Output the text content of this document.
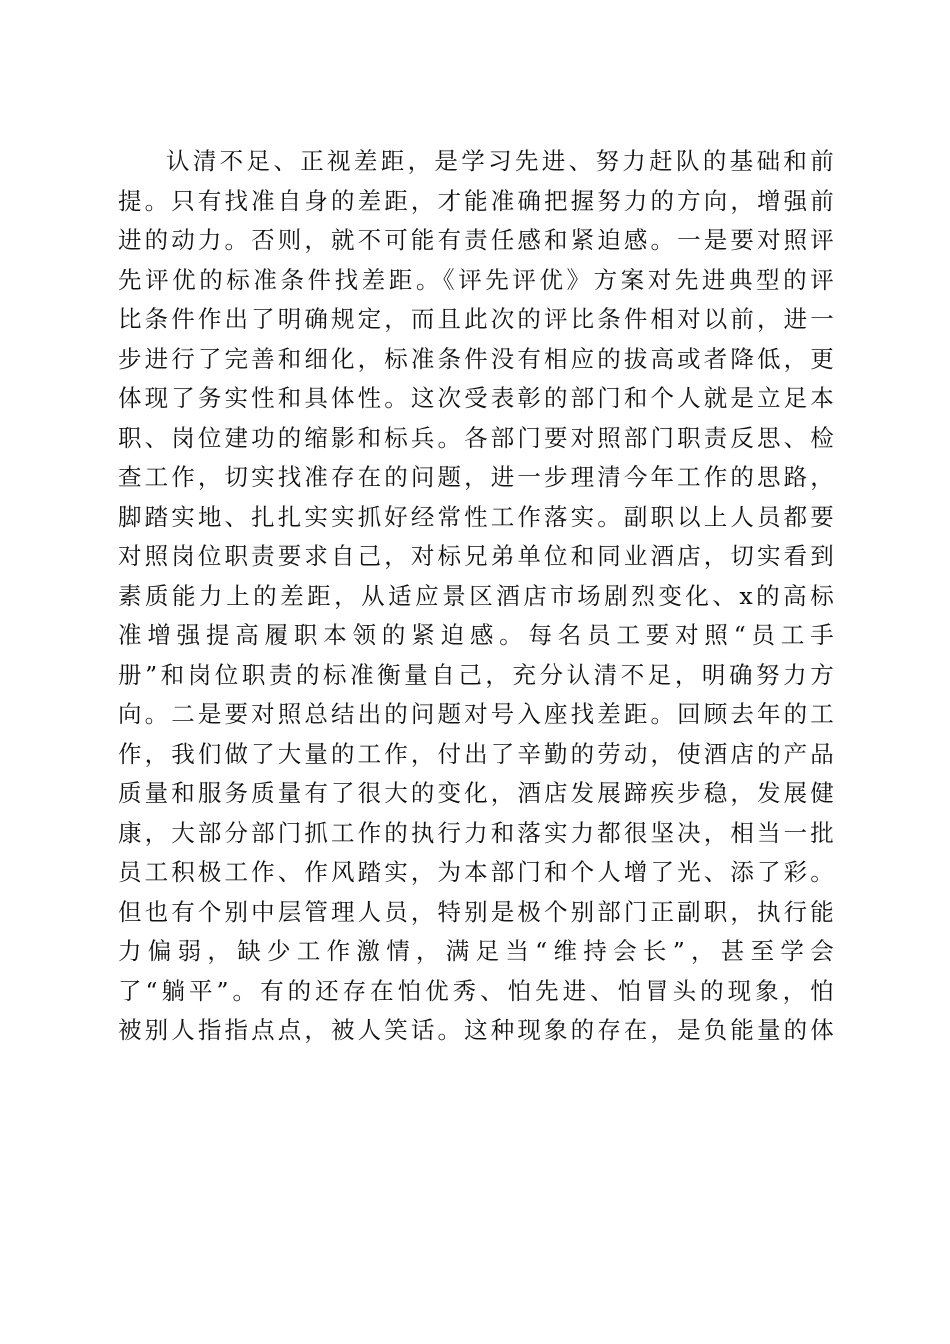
认清不足、正视差距，是学习先进、努力赶队的基础和前
提。只有找准自身的差距，才能准确把握努力的方向，增强前
进的动力。否则，就不可能有责任感和紧迫感。一是要对照评
先评优的标准条件找差距。《评先评优》方案对先进典型的评
比条件作出了明确规定，而且此次的评比条件相对以前，进一
步进行了完善和细化，标准条件没有相应的拔高或者降低，更
体现了务实性和具体性。这次受表彰的部门和个人就是立足本
职、岗位建功的缩影和标兵。各部门要对照部门职责反思、检
查工作，切实找准存在的问题，进一步理清今年工作的思路，
脚踏实地、扎扎实实抓好经常性工作落实。副职以上人员都要
对照岗位职责要求自己，对标兄弟单位和同业酒店，切实看到
素质能力上的差距，从适应景区酒店市场剧烈变化、x的高标
准增强提高履职本领的紧迫感。每名员工要对照“员工手
册”和岗位职责的标准衡量自己，充分认清不足，明确努力方
向。二是要对照总结出的问题对号入座找差距。回顾去年的工
作，我们做了大量的工作，付出了辛勤的劳动，使酒店的产品
质量和服务质量有了很大的变化，酒店发展蹄疾步稳，发展健
康，大部分部门抓工作的执行力和落实力都很坚决，相当一批
员工积极工作、作风踏实，为本部门和个人增了光、添了彩。
但也有个别中层管理人员，特别是极个别部门正副职，执行能
力偏弱，缺少工作激情，满足当“维持会长”，甚至学会
了“躺平”。有的还存在怕优秀、怕先进、怕冒头的现象，怕
被别人指指点点，被人笑话。这种现象的存在，是负能量的体
